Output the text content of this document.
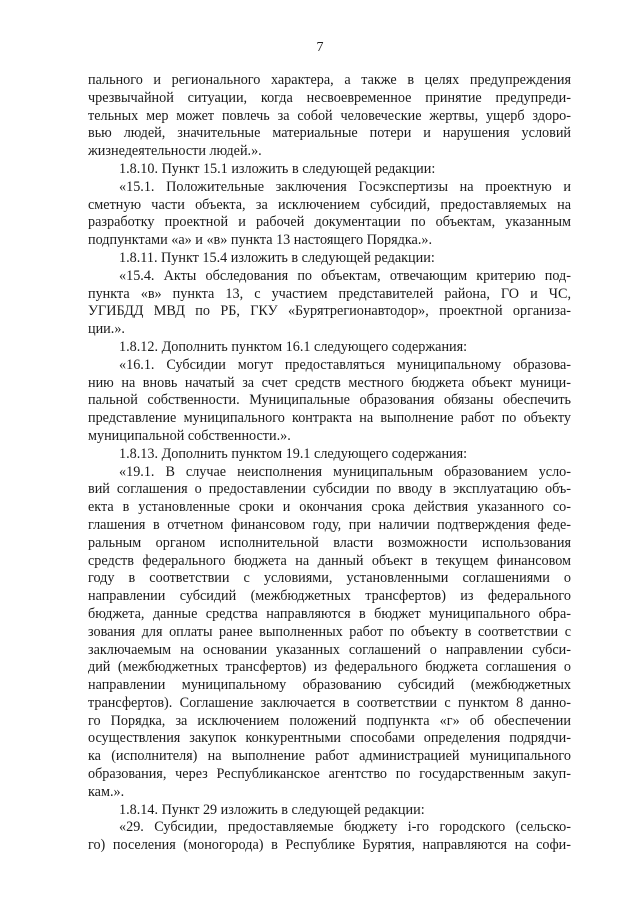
7

пального и регионального характера, а также в целях предупреждения
чрезвычайной ситуации, когда несвоевременное принятие предупреди-
тельных мер может повлечь за собой человеческие жертвы, ущерб здоро-
вью людей, значительные материальные потери и нарушения условий
жизнедеятельности людей.».

1.8.10. Пункт 15.1 изложить в следующей редакции:

«15.1. Положительные заключения Госэкспертизы на проектную и
сметную части объекта, за исключением субсидий, предоставляемых на
разработку проектной и рабочей документации по объектам, указанным
подпунктами «а» и «в» пункта 13 настоящего Порядка.».

1.8.11. Пункт 15.4 изложить в следующей редакции:

«15.4. Акты обследования по объектам, отвечающим критерию под-
пункта «в» пункта 13, с участием представителей района, ГО и ЧС,
УГИБДД МВД по РБ, ГКУ «Бурятрегионавтодор», проектной организа-
ции.».

1.8.12. Дополнить пунктом 16.1 следующего содержания:

«16.1. Субсидии могут предоставляться муниципальному образова-
нию на вновь начатый за счет средств местного бюджета объект муници-
пальной собственности. Муниципальные образования обязаны обеспечить
представление муниципального контракта на выполнение работ по объекту
муниципальной собственности.».

1.8.13. Дополнить пунктом 19.1 следующего содержания:

«19.1. В случае неисполнения муниципальным образованием усло-
вий соглашения о предоставлении субсидии по вводу в эксплуатацию объ-
екта в установленные сроки и окончания срока действия указанного со-
глашения в отчетном финансовом году, при наличии подтверждения феде-
ральным органом исполнительной власти возможности использования
средств федерального бюджета на данный объект в текущем финансовом
году в соответствии с условиями, установленными соглашениями о
направлении субсидий (межбюджетных трансфертов) из федерального
бюджета, данные средства направляются в бюджет муниципального обра-
зования для оплаты ранее выполненных работ по объекту в соответствии с
заключаемым на основании указанных соглашений о направлении субси-
дий (межбюджетных трансфертов) из федерального бюджета соглашения о
направлении муниципальному образованию субсидий (межбюджетных
трансфертов). Соглашение заключается в соответствии с пунктом 8 данно-
го Порядка, за исключением положений подпункта «г» об обеспечении
осуществления закупок конкурентными способами определения подрядчи-
ка (исполнителя) на выполнение работ администрацией муниципального
образования, через Республиканское агентство по государственным закуп-
кам.».

1.8.14. Пункт 29 изложить в следующей редакции:

«29. Субсидии, предоставляемые бюджету i-го городского (сельско-
го) поселения (моногорода) в Республике Бурятия, направляются на софи-
